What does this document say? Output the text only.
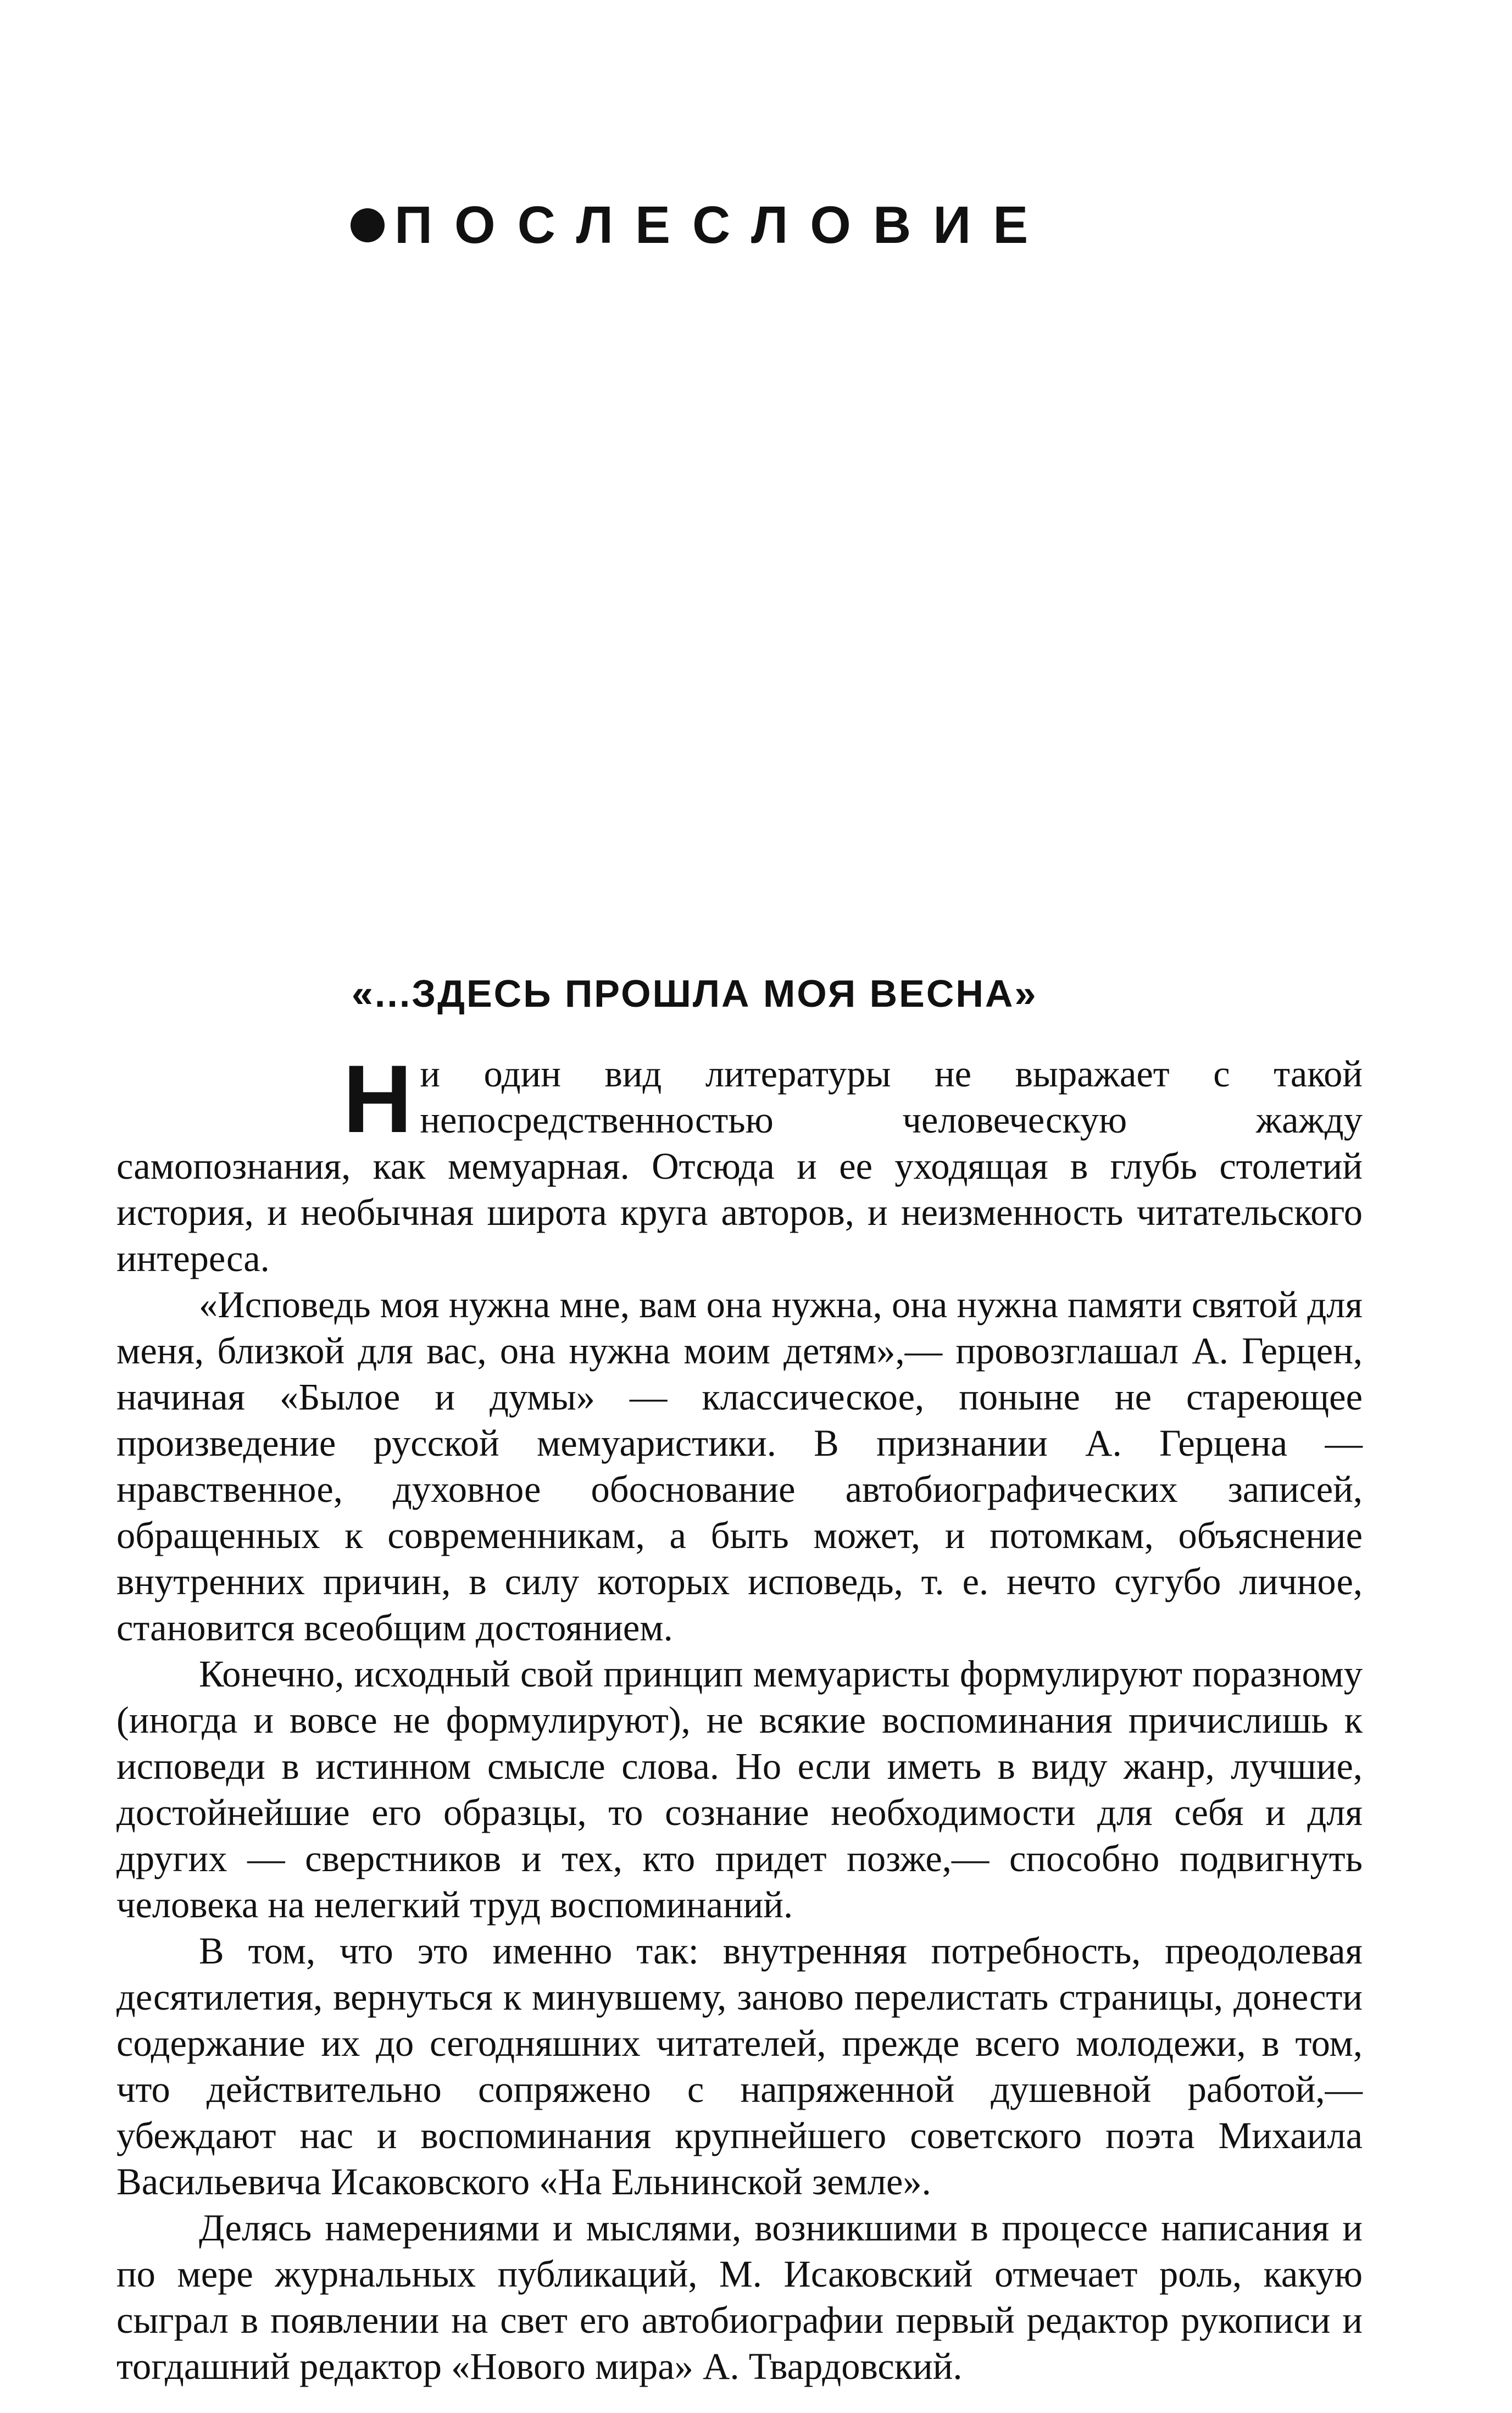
ПОСЛЕСЛОВИЕ
«...ЗДЕСЬ ПРОШЛА МОЯ ВЕСНА»

Ни один вид литературы не выражает с такой непосредственностью человеческую жажду самопознания, как мемуарная. Отсюда и ее уходящая в глубь столетий история, и необычная широта круга авторов, и неизменность читательского интереса.

«Исповедь моя нужна мне, вам она нужна, она нужна памяти святой для меня, близкой для вас, она нужна моим детям»,— провозглашал А. Герцен, начиная «Былое и думы» — классическое, поныне не стареющее произведение русской мемуаристики. В признании А. Герцена — нравственное, духовное обоснование автобиографических записей, обращенных к современникам, а быть может, и потомкам, объяснение внутренних причин, в силу которых исповедь, т. е. нечто сугубо личное, становится всеобщим достоянием.

Конечно, исходный свой принцип мемуаристы формулируют поразному (иногда и вовсе не формулируют), не всякие воспоминания причислишь к исповеди в истинном смысле слова. Но если иметь в виду жанр, лучшие, достойнейшие его образцы, то сознание необходимости для себя и для других — сверстников и тех, кто придет позже,— способно подвигнуть человека на нелегкий труд воспоминаний.

В том, что это именно так: внутренняя потребность, преодолевая десятилетия, вернуться к минувшему, заново перелистать страницы, донести содержание их до сегодняшних читателей, прежде всего молодежи, в том, что действительно сопряжено с напряженной душевной работой,— убеждают нас и воспоминания крупнейшего советского поэта Михаила Васильевича Исаковского «На Ельнинской земле».

Делясь намерениями и мыслями, возникшими в процессе написания и по мере журнальных публикаций, М. Исаковский отмечает роль, какую сыграл в появлении на свет его автобиографии первый редактор рукописи и тогдашний редактор «Нового мира» А. Твардовский.
